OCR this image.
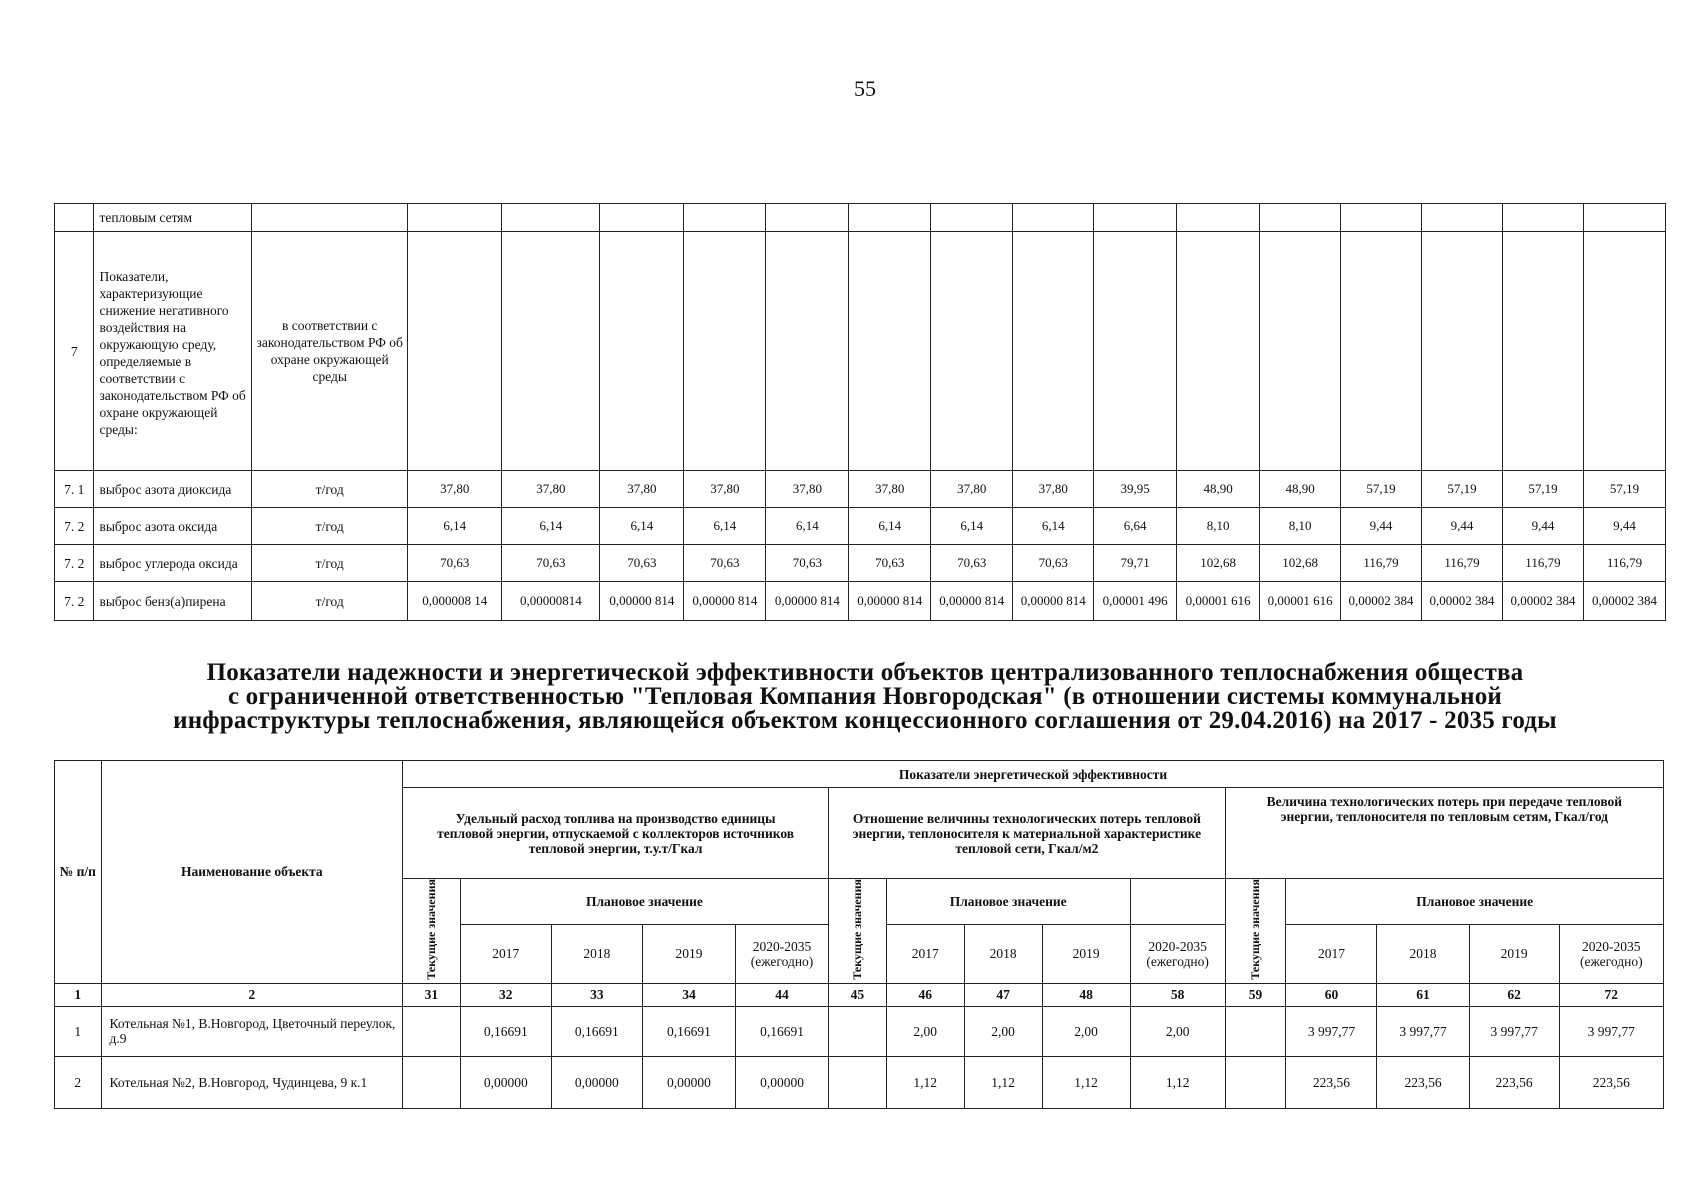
55
	тепловым сетям																
7	Показатели, характеризующие снижение негативного воздействия на окружающую среду, определяемые в соответствии с законодательством РФ об охране окружающей среды:	в соответствии с законодательством РФ об охране окружающей среды															
7. 1	выброс азота диоксида	т/год	37,80	37,80	37,80	37,80	37,80	37,80	37,80	37,80	39,95	48,90	48,90	57,19	57,19	57,19	57,19
7. 2	выброс азота оксида	т/год	6,14	6,14	6,14	6,14	6,14	6,14	6,14	6,14	6,64	8,10	8,10	9,44	9,44	9,44	9,44
7. 2	выброс углерода оксида	т/год	70,63	70,63	70,63	70,63	70,63	70,63	70,63	70,63	79,71	102,68	102,68	116,79	116,79	116,79	116,79
7. 2	выброс бенз(а)пирена	т/год	0,000008 14	0,00000814	0,00000 814	0,00000 814	0,00000 814	0,00000 814	0,00000 814	0,00000 814	0,00001 496	0,00001 616	0,00001 616	0,00002 384	0,00002 384	0,00002 384	0,00002 384
Показатели надежности и энергетической эффективности объектов централизованного теплоснабжения общества
с ограниченной ответственностью "Тепловая Компания Новгородская" (в отношении системы коммунальной
инфраструктуры теплоснабжения, являющейся объектом концессионного соглашения от 29.04.2016) на 2017 - 2035 годы
№ п/п	Наименование объекта	Показатели энергетической эффективности														
		Удельный расход топлива на производство единицы тепловой энергии, отпускаемой с коллекторов источников тепловой энергии, т.у.т/Гкал					Отношение величины технологических потерь тепловой энергии, теплоносителя к материальной характеристике тепловой сети, Гкал/м2					Величина технологических потерь при передаче тепловой энергии, теплоносителя по тепловым сетям, Гкал/год				
		Текущие значения	Плановое значение				Текущие значения	Плановое значение				Текущие значения	Плановое значение			
			2017	2018	2019	2020-2035 (ежегодно)		2017	2018	2019	2020-2035 (ежегодно)		2017	2018	2019	2020-2035 (ежегодно)
1	2	31	32	33	34	44	45	46	47	48	58	59	60	61	62	72
1	Котельная №1, В.Новгород, Цветочный переулок, д.9		0,16691	0,16691	0,16691	0,16691		2,00	2,00	2,00	2,00		3 997,77	3 997,77	3 997,77	3 997,77
2	Котельная №2, В.Новгород, Чудинцева, 9 к.1		0,00000	0,00000	0,00000	0,00000		1,12	1,12	1,12	1,12		223,56	223,56	223,56	223,56
